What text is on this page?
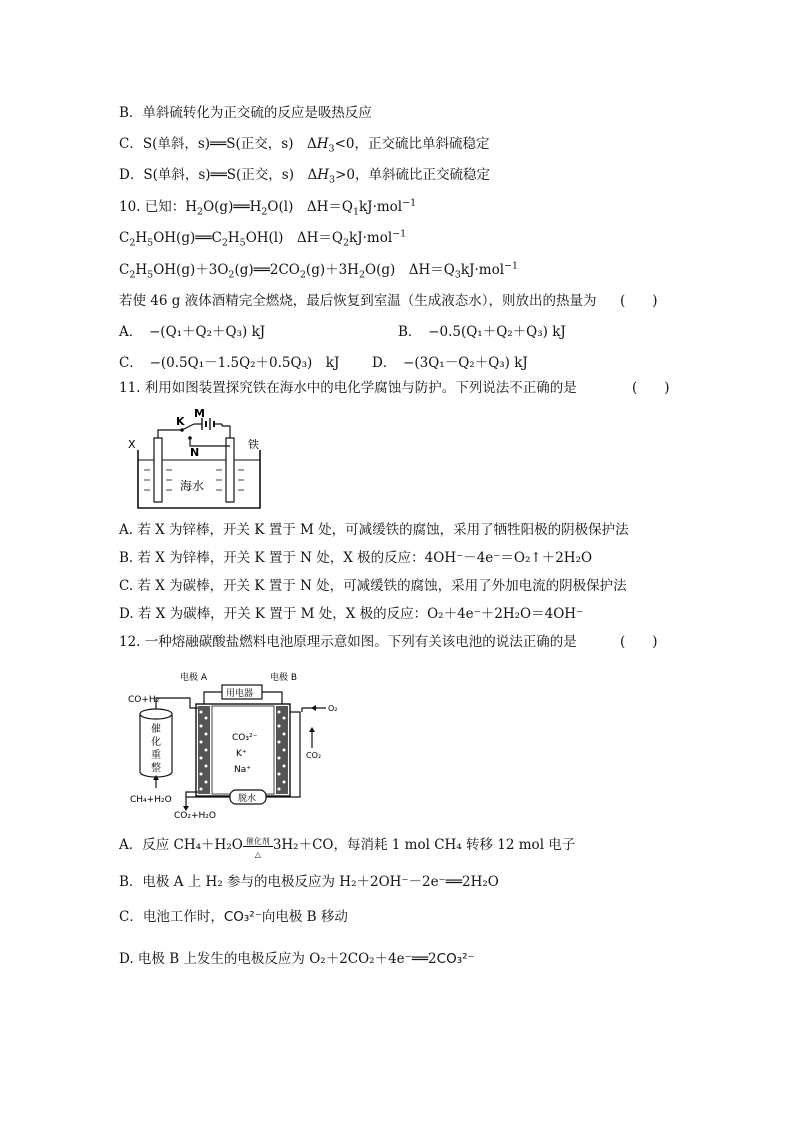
B．单斜硫转化为正交硫的反应是吸热反应
C．S(单斜，s)══S(正交，s)　$\Delta H_3<0$，正交硫比单斜硫稳定
D．S(单斜，s)══S(正交，s)　$\Delta H_3>0$，单斜硫比正交硫稳定
10. 已知：$H_2O(g)══H_2O(l)$　$\Delta H=Q_1kJ\cdot mol^{-1}$
$C_2H_5OH(g)══C_2H_5OH(l)$　$\Delta H=Q_2kJ\cdot mol^{-1}$
$C_2H_5OH(g)+3O_2(g)══2CO_2(g)+3H_2O(g)$　$\Delta H=Q_3kJ\cdot mol^{-1}$
若使 46 g 液体酒精完全燃烧，最后恢复到室温（生成液态水），则放出的热量为 (　　)
A．　−(Q₁＋Q₂＋Q₃) kJ	B．　−0.5(Q₁＋Q₂＋Q₃) kJ
C．　−(0.5Q₁－1.5Q₂＋0.5Q₃)　kJ D．　−(3Q₁－Q₂＋Q₃) kJ
11. 利用如图装置探究铁在海水中的电化学腐蚀与防护。下列说法不正确的是	(　　)
X
K
M
N
铁
海水
A. 若 X 为锌棒，开关 K 置于 M 处，可减缓铁的腐蚀，采用了牺牲阳极的阴极保护法
B. 若 X 为锌棒，开关 K 置于 N 处，X 极的反应：4OH⁻－4e⁻＝O₂↑＋2H₂O
C. 若 X 为碳棒，开关 K 置于 N 处，可减缓铁的腐蚀，采用了外加电流的阴极保护法
D. 若 X 为碳棒，开关 K 置于 M 处，X 极的反应：O₂＋4e⁻＋2H₂O＝4OH⁻
12. 一种熔融碳酸盐燃料电池原理示意如图。下列有关该电池的说法正确的是	(　　)
电极 A	电极 B
用电器
CO+H₂
O₂
CO₂
CO₃²⁻
K⁺
Na⁺
CH₄+H₂O
CO₂+H₂O
脱水
催
化
重
整
A．反应 CH₄＋H₂O 催化剂
△
3H₂＋CO，每消耗 1 mol CH₄ 转移 12 mol 电子
B．电极 A 上 H₂ 参与的电极反应为 H₂＋2OH⁻－2e⁻══2H₂O
C．电池工作时，CO₃²⁻向电极 B 移动
D. 电极 B 上发生的电极反应为 O₂＋2CO₂＋4e⁻══2CO₃²⁻
